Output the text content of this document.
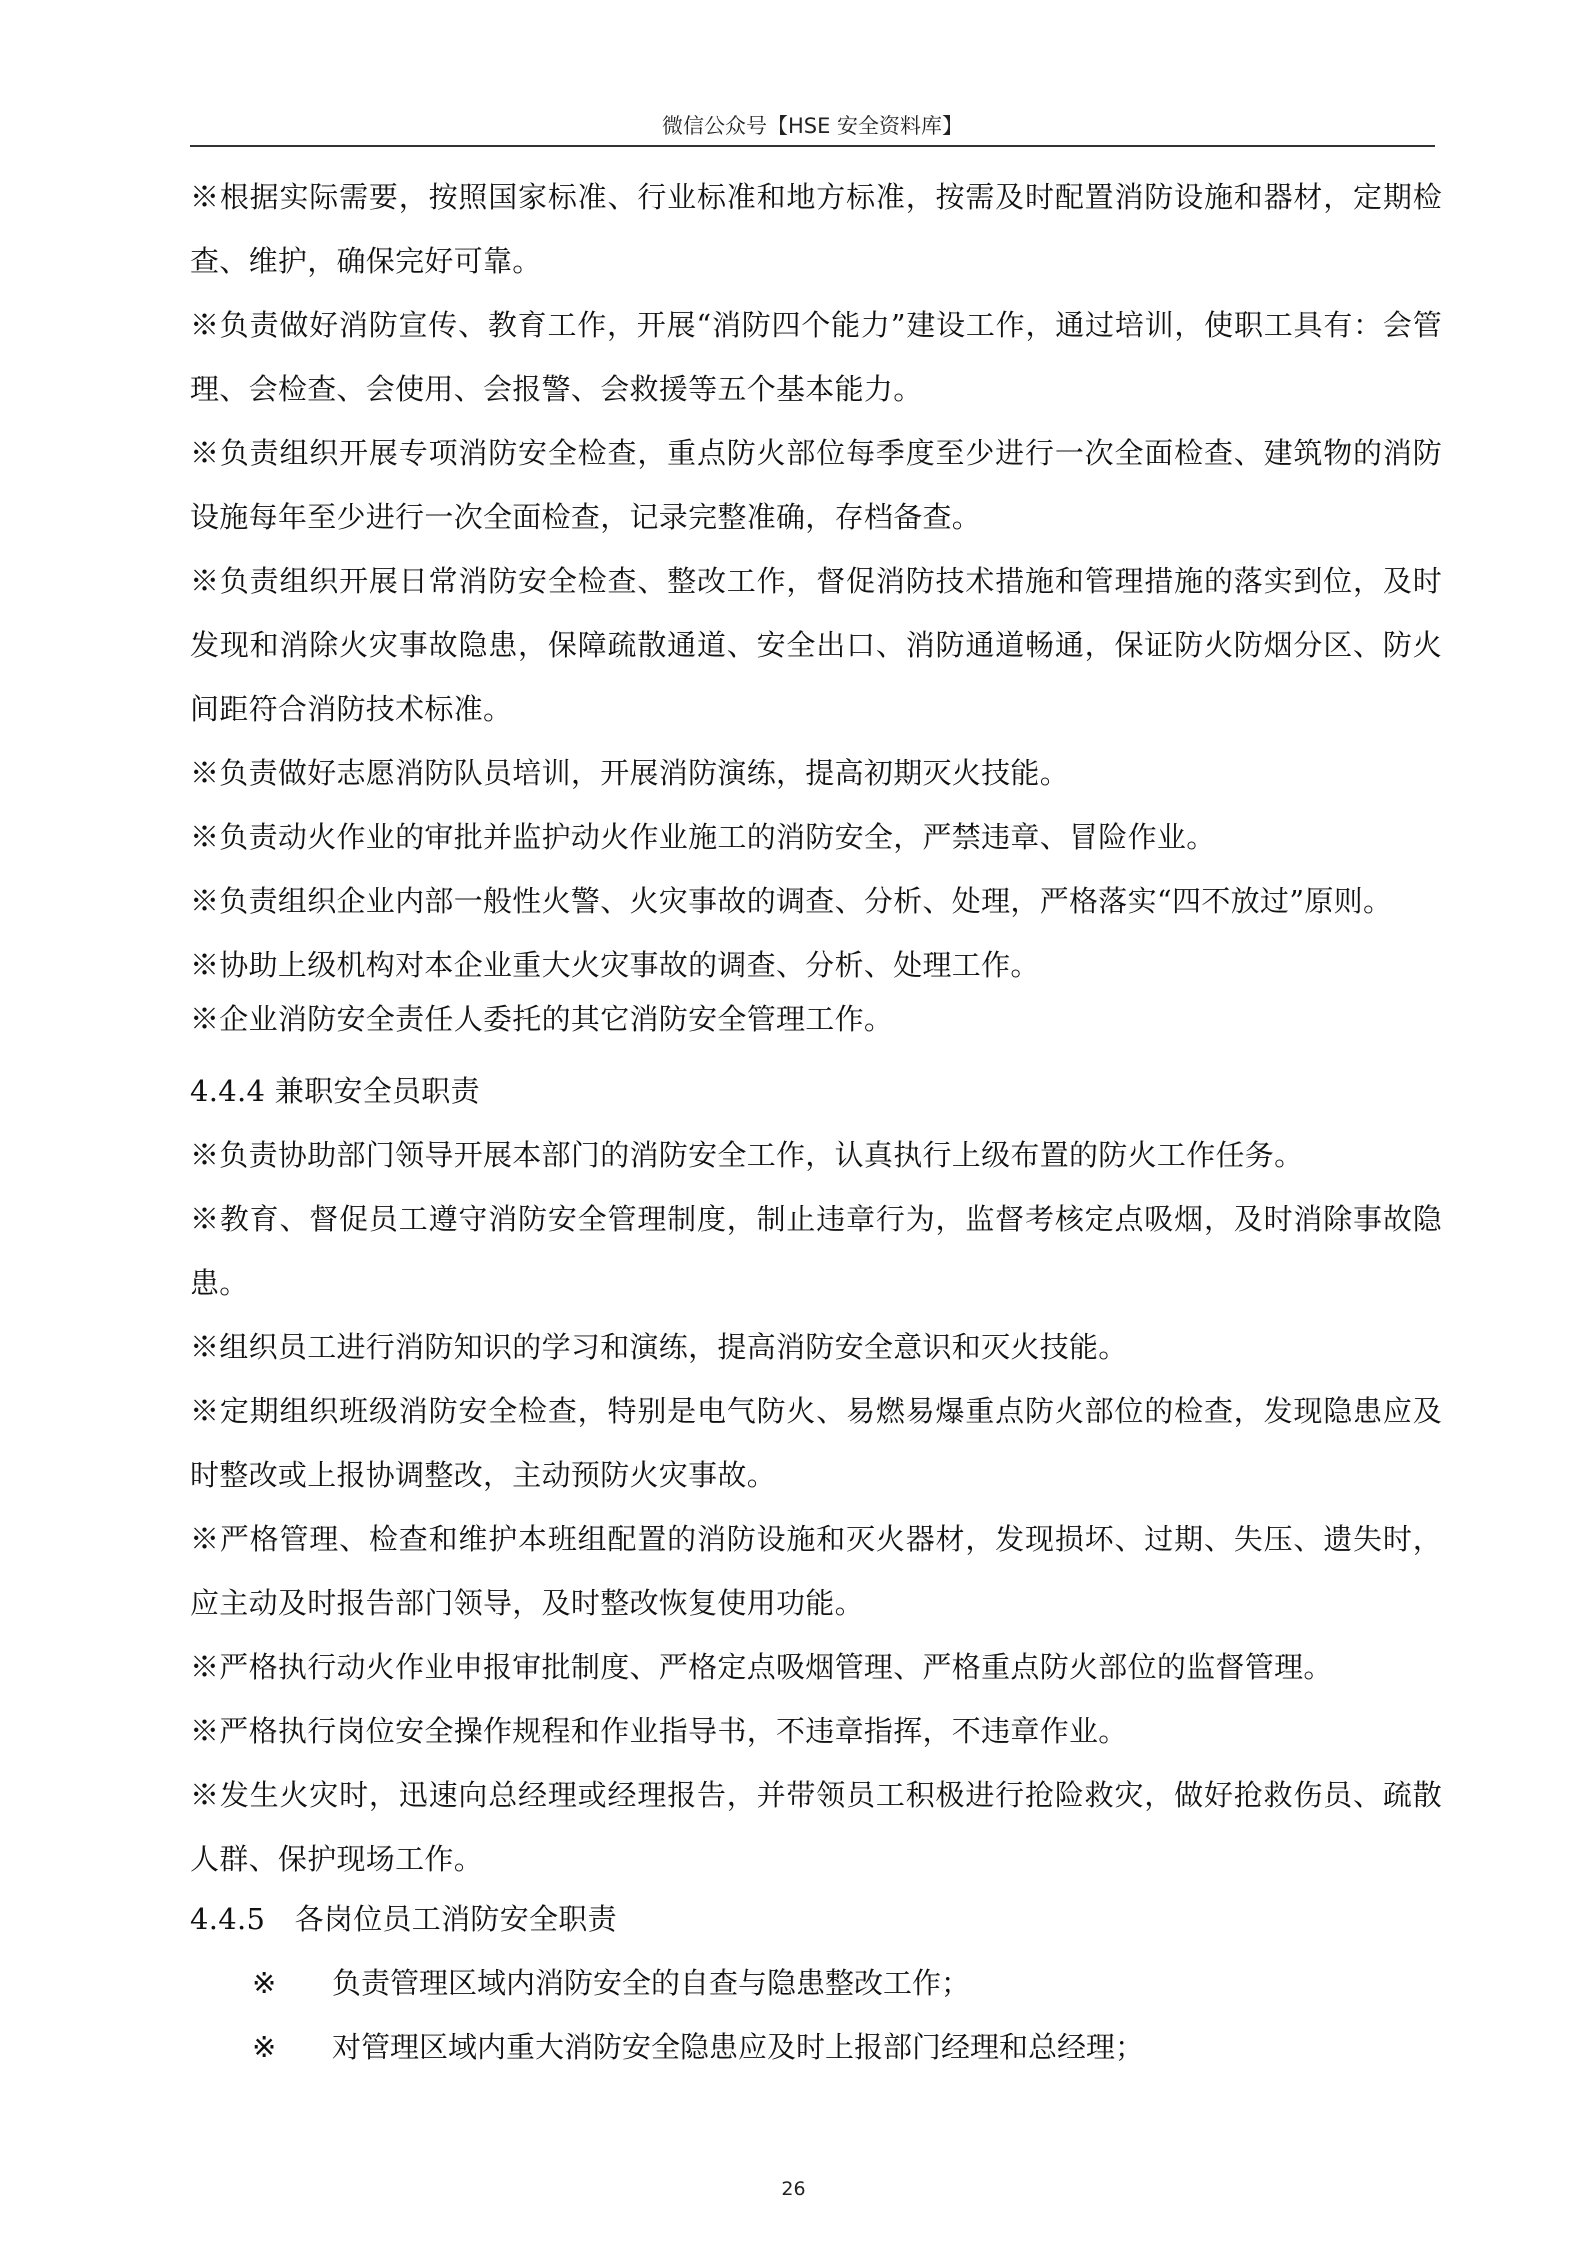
微信公众号【HSE 安全资料库】

※根据实际需要，按照国家标准、行业标准和地方标准，按需及时配置消防设施和器材，定期检查、维护，确保完好可靠。

※负责做好消防宣传、教育工作，开展“消防四个能力”建设工作，通过培训，使职工具有：会管理、会检查、会使用、会报警、会救援等五个基本能力。

※负责组织开展专项消防安全检查，重点防火部位每季度至少进行一次全面检查、建筑物的消防设施每年至少进行一次全面检查，记录完整准确，存档备查。

※负责组织开展日常消防安全检查、整改工作，督促消防技术措施和管理措施的落实到位，及时发现和消除火灾事故隐患，保障疏散通道、安全出口、消防通道畅通，保证防火防烟分区、防火间距符合消防技术标准。

※负责做好志愿消防队员培训，开展消防演练，提高初期灭火技能。

※负责动火作业的审批并监护动火作业施工的消防安全，严禁违章、冒险作业。

※负责组织企业内部一般性火警、火灾事故的调查、分析、处理，严格落实“四不放过”原则。

※协助上级机构对本企业重大火灾事故的调查、分析、处理工作。

※企业消防安全责任人委托的其它消防安全管理工作。

4.4.4 兼职安全员职责

※负责协助部门领导开展本部门的消防安全工作，认真执行上级布置的防火工作任务。

※教育、督促员工遵守消防安全管理制度，制止违章行为，监督考核定点吸烟，及时消除事故隐患。

※组织员工进行消防知识的学习和演练，提高消防安全意识和灭火技能。

※定期组织班级消防安全检查，特别是电气防火、易燃易爆重点防火部位的检查，发现隐患应及时整改或上报协调整改，主动预防火灾事故。

※严格管理、检查和维护本班组配置的消防设施和灭火器材，发现损坏、过期、失压、遗失时，应主动及时报告部门领导，及时整改恢复使用功能。

※严格执行动火作业申报审批制度、严格定点吸烟管理、严格重点防火部位的监督管理。

※严格执行岗位安全操作规程和作业指导书，不违章指挥，不违章作业。

※发生火灾时，迅速向总经理或经理报告，并带领员工积极进行抢险救灾，做好抢救伤员、疏散人群、保护现场工作。

4.4.5　各岗位员工消防安全职责

※	负责管理区域内消防安全的自查与隐患整改工作；
※	对管理区域内重大消防安全隐患应及时上报部门经理和总经理；
26
